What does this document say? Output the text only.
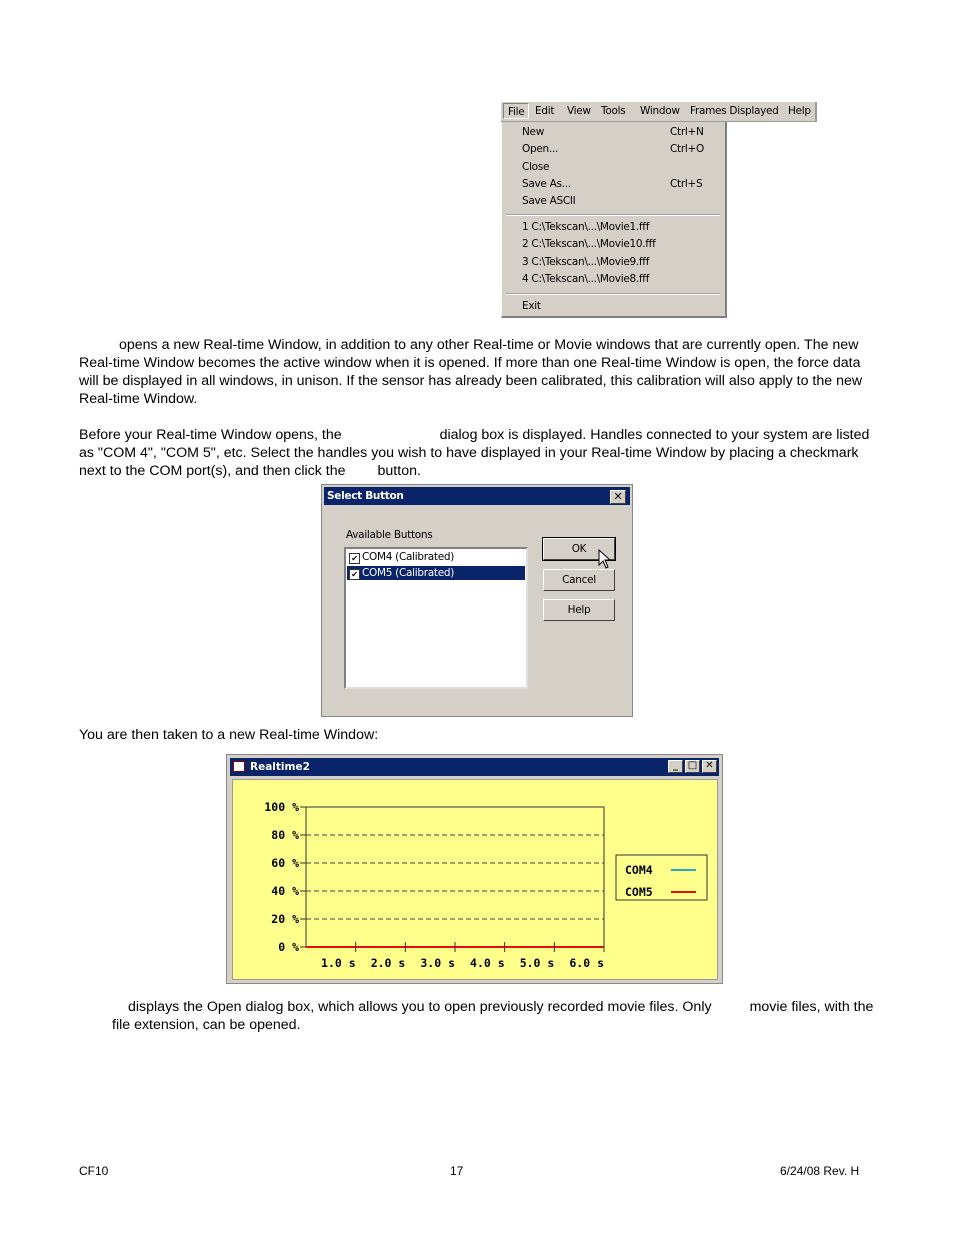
File	Edit View Tools Window Frames Displayed Help
New	Ctrl+N
Open...	Ctrl+O
Close
Save As...	Ctrl+S
Save ASCII
1 C:\Tekscan\...\Movie1.fff
2 C:\Tekscan\...\Movie10.fff
3 C:\Tekscan\...\Movie9.fff
4 C:\Tekscan\...\Movie8.fff
Exit

opens a new Real-time Window, in addition to any other Real-time or Movie windows that are currently open. The new Real-time Window becomes the active window when it is opened. If more than one Real-time Window is open, the force data will be displayed in all windows, in unison. If the sensor has already been calibrated, this calibration will also apply to the new Real-time Window.

Before your Real-time Window opens, the	dialog box is displayed. Handles connected to your system are listed as "COM 4", "COM 5", etc. Select the handles you wish to have displayed in your Real-time Window by placing a checkmark next to the COM port(s), and then click the button.

Select Button	✕
Available Buttons
✔ COM4 (Calibrated)
✔ COM5 (Calibrated)
OK
Cancel
Help

You are then taken to a new Real-time Window:

Realtime2	_ □ ✕
0 %
20 %
40 %
60 %
80 %
100 %
1.0 s 2.0 s 3.0 s 4.0 s 5.0 s 6.0 s
COM4
COM5

displays the Open dialog box, which allows you to open previously recorded movie files. Only	movie files, with thefile extension, can be opened.

CF10	17	6/24/08 Rev. H
